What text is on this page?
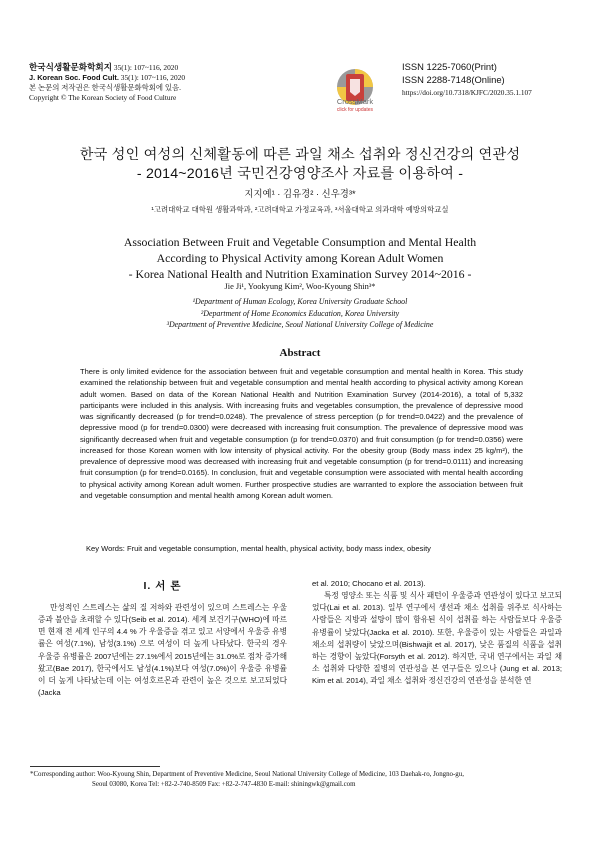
한국식생활문화학회지 35(1): 107~116, 2020
J. Korean Soc. Food Cult. 35(1): 107~116, 2020
본 논문의 저작권은 한국식생활문화학회에 있음.
Copyright © The Korean Society of Food Culture	CrossMark
click for updates
ISSN 1225-7060(Print)
ISSN 2288-7148(Online)
https://doi.org/10.7318/KJFC/2020.35.1.107
한국 성인 여성의 신체활동에 따른 과일 채소 섭취와 정신건강의 연관성
- 2014~2016년 국민건강영양조사 자료를 이용하여 -
지지예¹ · 김유경² · 신우경³*
¹고려대학교 대학원 생활과학과, ²고려대학교 가정교육과, ³서울대학교 의과대학 예방의학교실
Association Between Fruit and Vegetable Consumption and Mental Health
According to Physical Activity among Korean Adult Women
- Korea National Health and Nutrition Examination Survey 2014~2016 -
Jie Ji¹, Yookyung Kim², Woo-Kyoung Shin³*
¹Department of Human Ecology, Korea University Graduate School
²Department of Home Economics Education, Korea University
³Department of Preventive Medicine, Seoul National University College of Medicine
Abstract
There is only limited evidence for the association between fruit and vegetable consumption and mental health in Korea. This study examined the relationship between fruit and vegetable consumption and mental health according to physical activity among Korean adult women. Based on data of the Korean National Health and Nutrition Examination Survey (2014-2016), a total of 5,332 participants were included in this analysis. With increasing fruits and vegetables consumption, the prevalence of depressive mood was significantly decreased (p for trend=0.0248). The prevalence of stress perception (p for trend=0.0422) and the prevalence of depressive mood (p for trend=0.0300) were decreased with increasing fruit consumption. The prevalence of depressive mood was significantly decreased when fruit and vegetable consumption (p for trend=0.0370) and fruit consumption (p for trend=0.0356) were increased for those Korean women with low intensity of physical activity. For the obesity group (Body mass index 25 kg/m²), the prevalence of depressive mood was decreased with increasing fruit and vegetable consumption (p for trend=0.0111) and increasing fruit consumption (p for trend=0.0165). In conclusion, fruit and vegetable consumption were associated with mental health according to physical activity among Korean adult women. Further prospective studies are warranted to explore the association between fruit and vegetable consumption and mental health among Korean adult women.
Key Words: Fruit and vegetable consumption, mental health, physical activity, body mass index, obesity
I. 서 론
만성적인 스트레스는 삶의 질 저하와 관련성이 있으며 스트레스는 우울증과 불안을 초래할 수 있다(Seib et al. 2014). 세계 보건기구(WHO)에 따르면 현재 전 세계 인구의 4.4 % 가 우울증을 겪고 있고 서양에서 우울증 유병률은 여성(7.1%), 남성(3.1%) 으로 여성이 더 높게 나타났다. 한국의 경우 우울증 유병률은 2007년에는 27.1%에서 2015년에는 31.0%로 점차 증가해 왔고(Bae 2017), 한국에서도 남성(4.1%)보다 여성(7.0%)이 우울증 유병률이 더 높게 나타났는데 이는 여성호르몬과 관련이 높은 것으로 보고되었다(Jacka
et al. 2010; Chocano et al. 2013).
특정 영양소 또는 식품 및 식사 패턴이 우울증과 연관성이 있다고 보고되었다(Lai et al. 2013). 일부 연구에서 생선과 채소 섭취를 위주로 식사하는 사람들은 지방과 설탕이 많이 함유된 식이 섭취를 하는 사람들보다 우울증 유병률이 낮았다(Jacka et al. 2010). 또한, 우울증이 있는 사람들은 과일과 채소의 섭취량이 낮았으며(Bishwajit et al. 2017), 낮은 품질의 식품을 섭취하는 경향이 높았다(Forsyth et al. 2012). 하지만, 국내 연구에서는 과일 채소 섭취와 다양한 질병의 연관성을 본 연구들은 있으나 (Jung et al. 2013; Kim et al. 2014), 과일 채소 섭취와 정신건강의 연관성을 분석한 연
*Corresponding author: Woo-Kyoung Shin, Department of Preventive Medicine, Seoul National University College of Medicine, 103 Daehak-ro, Jongno-gu,
Seoul 03080, Korea Tel: +82-2-740-8509 Fax: +82-2-747-4830 E-mail: shiningwk@gmail.com
